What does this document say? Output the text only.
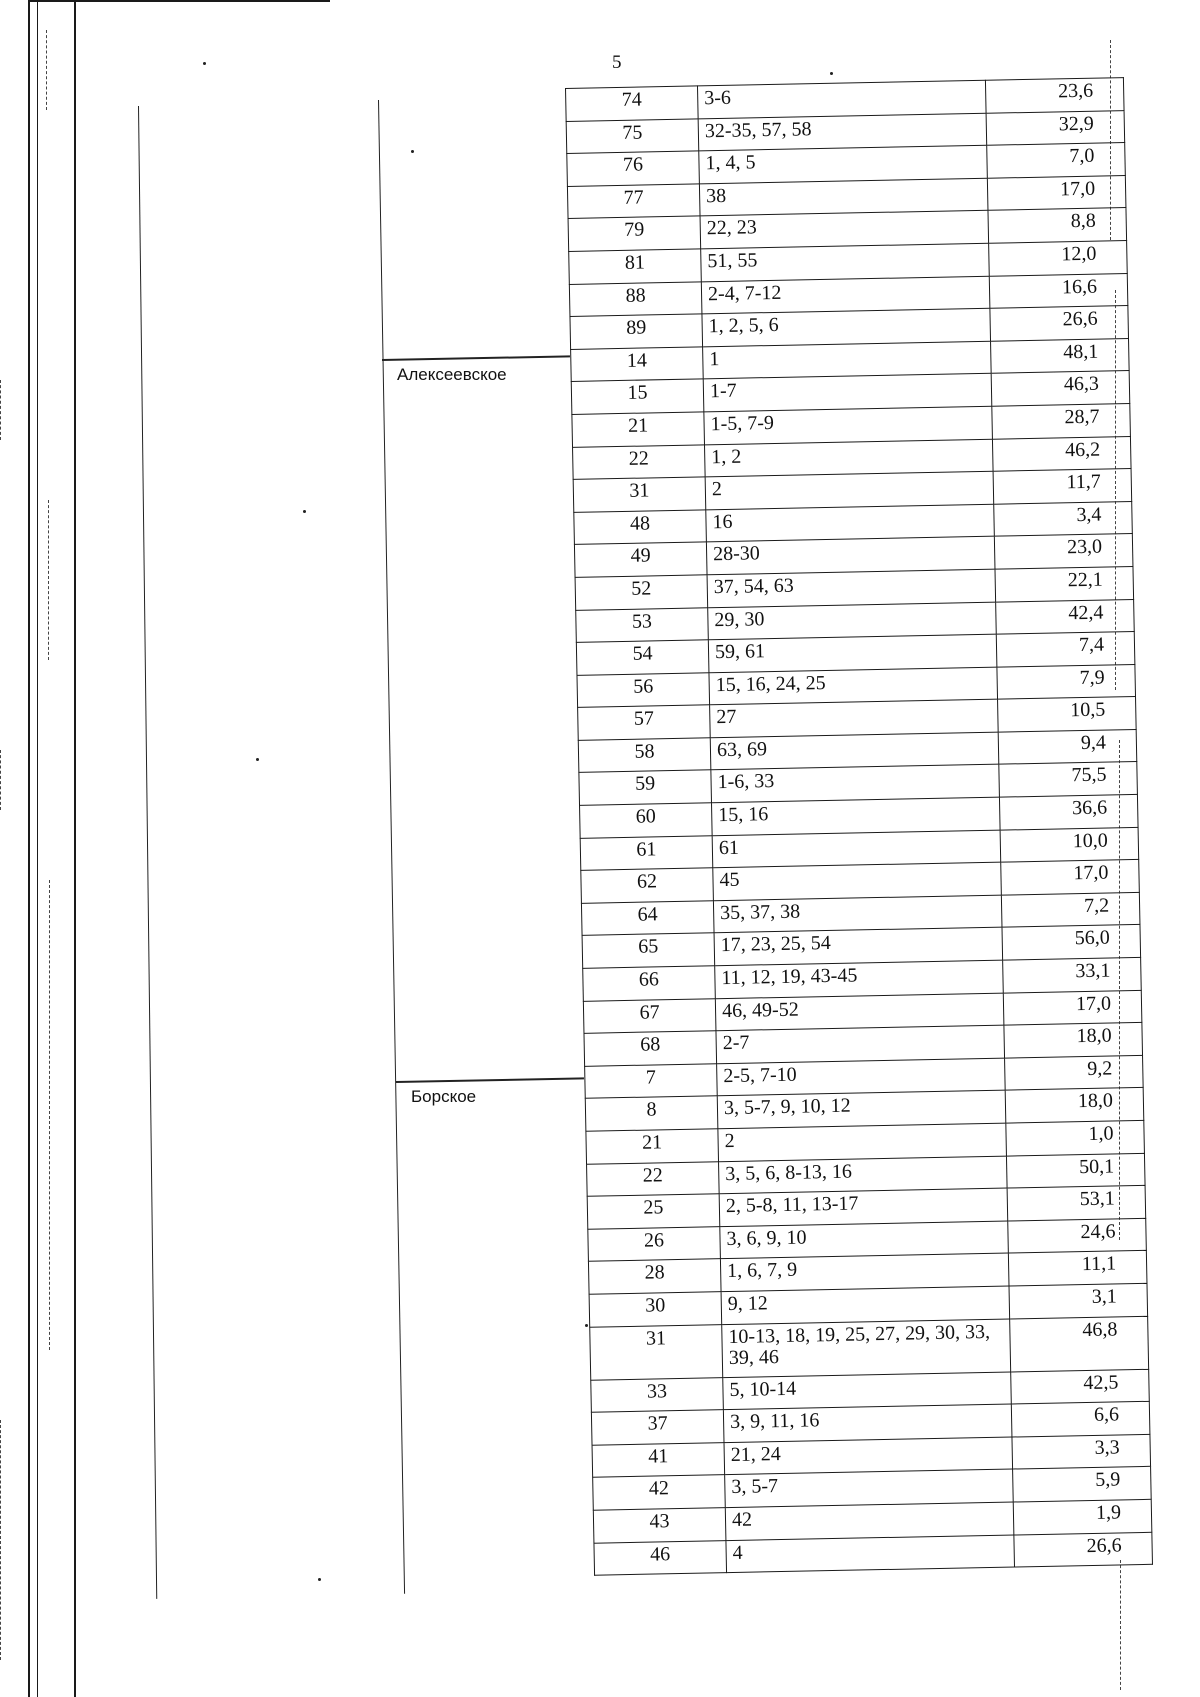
5
Алексеевское
Борское
74	3-6	23,6
75	32-35, 57, 58	32,9
76	1, 4, 5	7,0
77	38	17,0
79	22, 23	8,8
81	51, 55	12,0
88	2-4, 7-12	16,6
89	1, 2, 5, 6	26,6
14	1	48,1
15	1-7	46,3
21	1-5, 7-9	28,7
22	1, 2	46,2
31	2	11,7
48	16	3,4
49	28-30	23,0
52	37, 54, 63	22,1
53	29, 30	42,4
54	59, 61	7,4
56	15, 16, 24, 25	7,9
57	27	10,5
58	63, 69	9,4
59	1-6, 33	75,5
60	15, 16	36,6
61	61	10,0
62	45	17,0
64	35, 37, 38	7,2
65	17, 23, 25, 54	56,0
66	11, 12, 19, 43-45	33,1
67	46, 49-52	17,0
68	2-7	18,0
7	2-5, 7-10	9,2
8	3, 5-7, 9, 10, 12	18,0
21	2	1,0
22	3, 5, 6, 8-13, 16	50,1
25	2, 5-8, 11, 13-17	53,1
26	3, 6, 9, 10	24,6
28	1, 6, 7, 9	11,1
30	9, 12	3,1
31	10-13, 18, 19, 25, 27, 29, 30, 33, 39, 46	46,8
33	5, 10-14	42,5
37	3, 9, 11, 16	6,6
41	21, 24	3,3
42	3, 5-7	5,9
43	42	1,9
46	4	26,6
